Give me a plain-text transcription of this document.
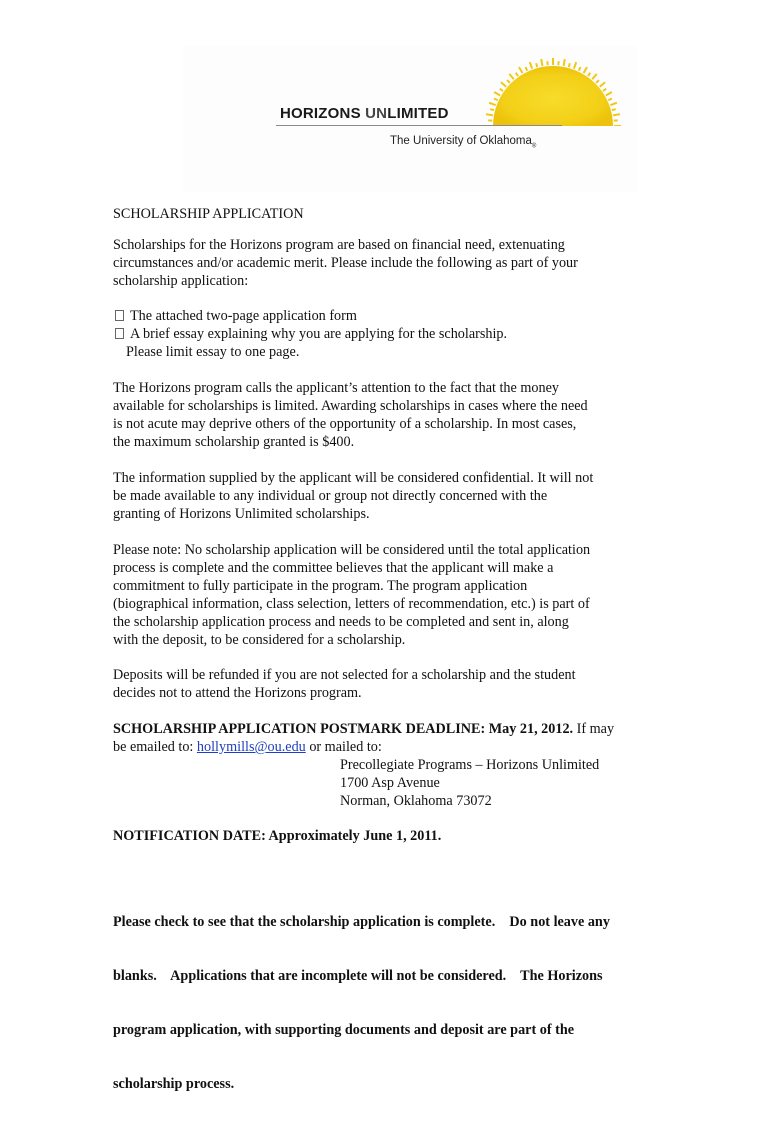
HORIZONS UNLIMITED
The University of Oklahoma$_®$
SCHOLARSHIP APPLICATION
Scholarships for the Horizons program are based on financial need, extenuating
circumstances and/or academic merit. Please include the following as part of your
scholarship application:
The attached two-page application form
A brief essay explaining why you are applying for the scholarship.
Please limit essay to one page.
The Horizons program calls the applicant’s attention to the fact that the money
available for scholarships is limited. Awarding scholarships in cases where the need
is not acute may deprive others of the opportunity of a scholarship. In most cases,
the maximum scholarship granted is $400.
The information supplied by the applicant will be considered confidential. It will not
be made available to any individual or group not directly concerned with the
granting of Horizons Unlimited scholarships.
Please note: No scholarship application will be considered until the total application
process is complete and the committee believes that the applicant will make a
commitment to fully participate in the program. The program application
(biographical information, class selection, letters of recommendation, etc.) is part of
the scholarship application process and needs to be completed and sent in, along
with the deposit, to be considered for a scholarship.
Deposits will be refunded if you are not selected for a scholarship and the student
decides not to attend the Horizons program.
SCHOLARSHIP APPLICATION POSTMARK DEADLINE: May 21, 2012. If may
be emailed to: hollymills@ou.edu or mailed to:
Precollegiate Programs – Horizons Unlimited
1700 Asp Avenue
Norman, Oklahoma 73072
NOTIFICATION DATE: Approximately June 1, 2011.

Please check to see that the scholarship application is complete.    Do not leave any

blanks.    Applications that are incomplete will not be considered.    The Horizons

program application, with supporting documents and deposit are part of the

scholarship process.
